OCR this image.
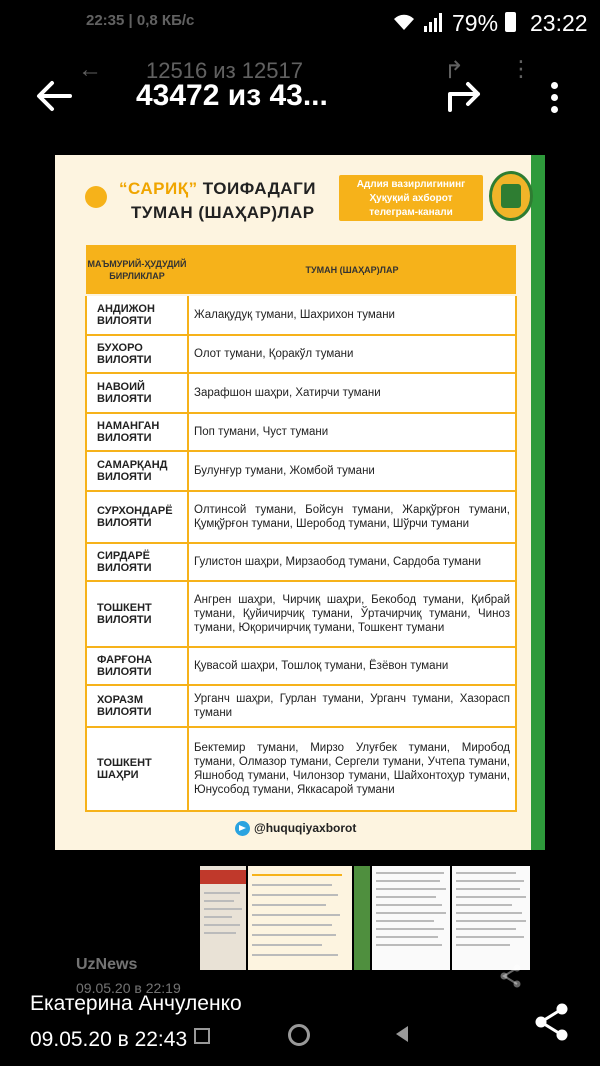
22:35 | 0,8 КБ/с	79% 23:22
← 12516 из 12517	↱ ⋮
43472 из 43...
“САРИҚ” ТОИФАДАГИ
ТУМАН (ШАҲАР)ЛАР
Адлия вазирлигининг
Ҳуқуқий ахборот
телеграм-канали
МАЪМУРИЙ-ҲУДУДИЙ БИРЛИКЛАР	ТУМАН (ШАҲАР)ЛАР
АНДИЖОН ВИЛОЯТИ	Жалақудуқ тумани, Шахрихон тумани
БУХОРО ВИЛОЯТИ	Олот тумани, Қоракўл тумани
НАВОИЙ ВИЛОЯТИ	Зарафшон шаҳри, Хатирчи тумани
НАМАНГАН ВИЛОЯТИ	Поп тумани, Чуст тумани
САМАРҚАНД ВИЛОЯТИ	Булунғур тумани, Жомбой тумани
СУРХОНДАРЁ ВИЛОЯТИ	Олтинсой тумани, Бойсун тумани, Жарқўрғон тумани, Қумқўрғон тумани, Шеробод тумани, Шўрчи тумани
СИРДАРЁ ВИЛОЯТИ	Гулистон шаҳри, Мирзаобод тумани, Сардоба тумани
ТОШКЕНТ ВИЛОЯТИ	Ангрен шаҳри, Чирчиқ шаҳри, Бекобод тумани, Қибрай тумани, Қуйичирчиқ тумани, Ўртачирчиқ тумани, Чиноз тумани, Юқоричирчиқ тумани, Тошкент тумани
ФАРҒОНА ВИЛОЯТИ	Қувасой шаҳри, Тошлоқ тумани, Ёзёвон тумани
ХОРАЗМ ВИЛОЯТИ	Урганч шаҳри, Гурлан тумани, Урганч тумани, Хазорасп тумани
ТОШКЕНТ ШАҲРИ	Бектемир тумани, Мирзо Улуғбек тумани, Миробод тумани, Олмазор тумани, Сергели тумани, Учтепа тумани, Яшнобод тумани, Чилонзор тумани, Шайхонтоҳур тумани, Юнусобод тумани, Яккасарой тумани
@huquqiyaxborot
UzNews
09.05.20 в 22:19
Екатерина Анчуленко
09.05.20 в 22:43
